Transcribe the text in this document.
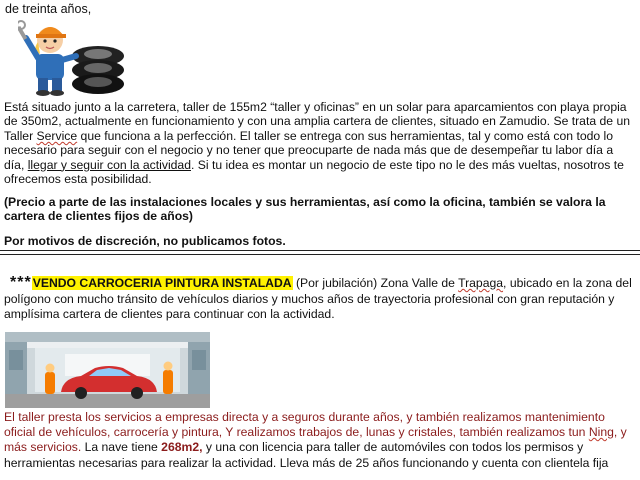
de treinta años,

Está situado junto a la carretera, taller de 155m2 “taller y oficinas” en un solar para aparcamientos con playa propia de 350m2, actualmente en funcionamiento y con una amplia cartera de clientes, situado en Zamudio. Se trata de un Taller Service que funciona a la perfección. El taller se entrega con sus herramientas, tal y como está con todo lo necesario para seguir con el negocio y no tener que preocuparte de nada más que de desempeñar tu labor día a día, llegar y seguir con la actividad. Si tu idea es montar un negocio de este tipo no le des más vueltas, nosotros te ofrecemos esta posibilidad.

(Precio a parte de las instalaciones locales y sus herramientas, así como la oficina, también se valora la cartera de clientes fijos de años)

Por motivos de discreción, no publicamos fotos.

***VENDO CARROCERIA PINTURA INSTALADA (Por jubilación) Zona Valle de Trapaga, ubicado en la zona del polígono con mucho tránsito de vehículos diarios y muchos años de trayectoria profesional con gran reputación y amplísima cartera de clientes para continuar con la actividad.

El taller presta los servicios a empresas directa y a seguros durante años, y también realizamos mantenimiento oficial de vehículos, carrocería y pintura, Y realizamos trabajos de, lunas y cristales, también realizamos tun Ning, y más servicios. La nave tiene 268m2, y una con licencia para taller de automóviles con todos los permisos y herramientas necesarias para realizar la actividad. Lleva más de 25 años funcionando y cuenta con clientela fija
